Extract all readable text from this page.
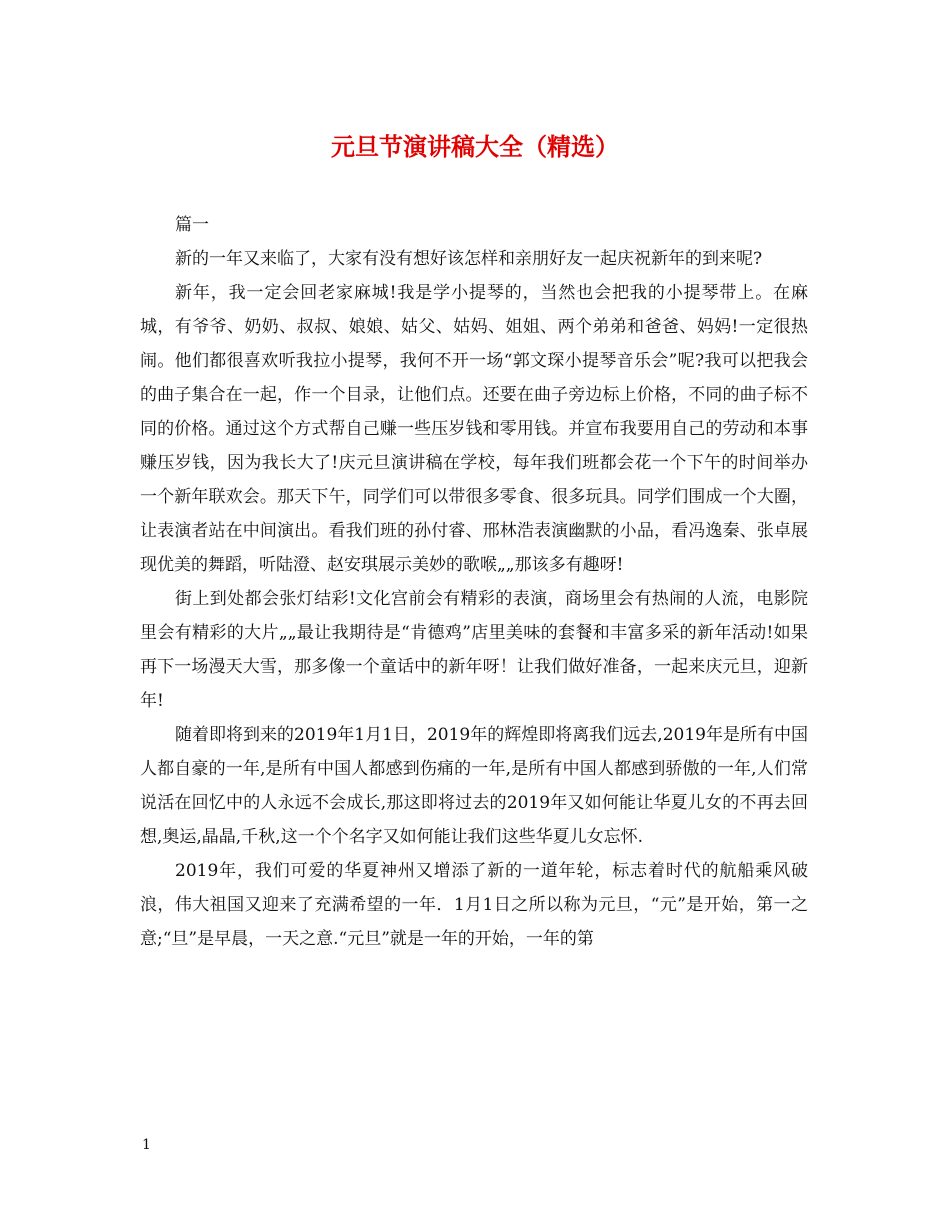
元旦节演讲稿大全（精选）

篇一

新的一年又来临了，大家有没有想好该怎样和亲朋好友一起庆祝新年的到来呢?

新年，我一定会回老家麻城!我是学小提琴的，当然也会把我的小提琴带上。在麻城，有爷爷、奶奶、叔叔、娘娘、姑父、姑妈、姐姐、两个弟弟和爸爸、妈妈!一定很热闹。他们都很喜欢听我拉小提琴，我何不开一场“郭文琛小提琴音乐会”呢?我可以把我会的曲子集合在一起，作一个目录，让他们点。还要在曲子旁边标上价格，不同的曲子标不同的价格。通过这个方式帮自己赚一些压岁钱和零用钱。并宣布我要用自己的劳动和本事赚压岁钱，因为我长大了!庆元旦演讲稿在学校，每年我们班都会花一个下午的时间举办一个新年联欢会。那天下午，同学们可以带很多零食、很多玩具。同学们围成一个大圈，让表演者站在中间演出。看我们班的孙付睿、邢林浩表演幽默的小品，看冯逸秦、张卓展现优美的舞蹈，听陆澄、赵安琪展示美妙的歌喉„„那该多有趣呀!

街上到处都会张灯结彩!文化宫前会有精彩的表演，商场里会有热闹的人流，电影院里会有精彩的大片„„最让我期待是“肯德鸡”店里美味的套餐和丰富多采的新年活动!如果再下一场漫天大雪，那多像一个童话中的新年呀！让我们做好准备，一起来庆元旦，迎新年!

随着即将到来的2019年1月1日，2019年的辉煌即将离我们远去,2019年是所有中国人都自豪的一年,是所有中国人都感到伤痛的一年,是所有中国人都感到骄傲的一年,人们常说活在回忆中的人永远不会成长,那这即将过去的2019年又如何能让华夏儿女的不再去回想,奥运,晶晶,千秋,这一个个名字又如何能让我们这些华夏儿女忘怀.

2019年，我们可爱的华夏神州又增添了新的一道年轮，标志着时代的航船乘风破浪，伟大祖国又迎来了充满希望的一年．1月1日之所以称为元旦，“元”是开始，第一之意;“旦”是早晨，一天之意.“元旦”就是一年的开始，一年的第

1
